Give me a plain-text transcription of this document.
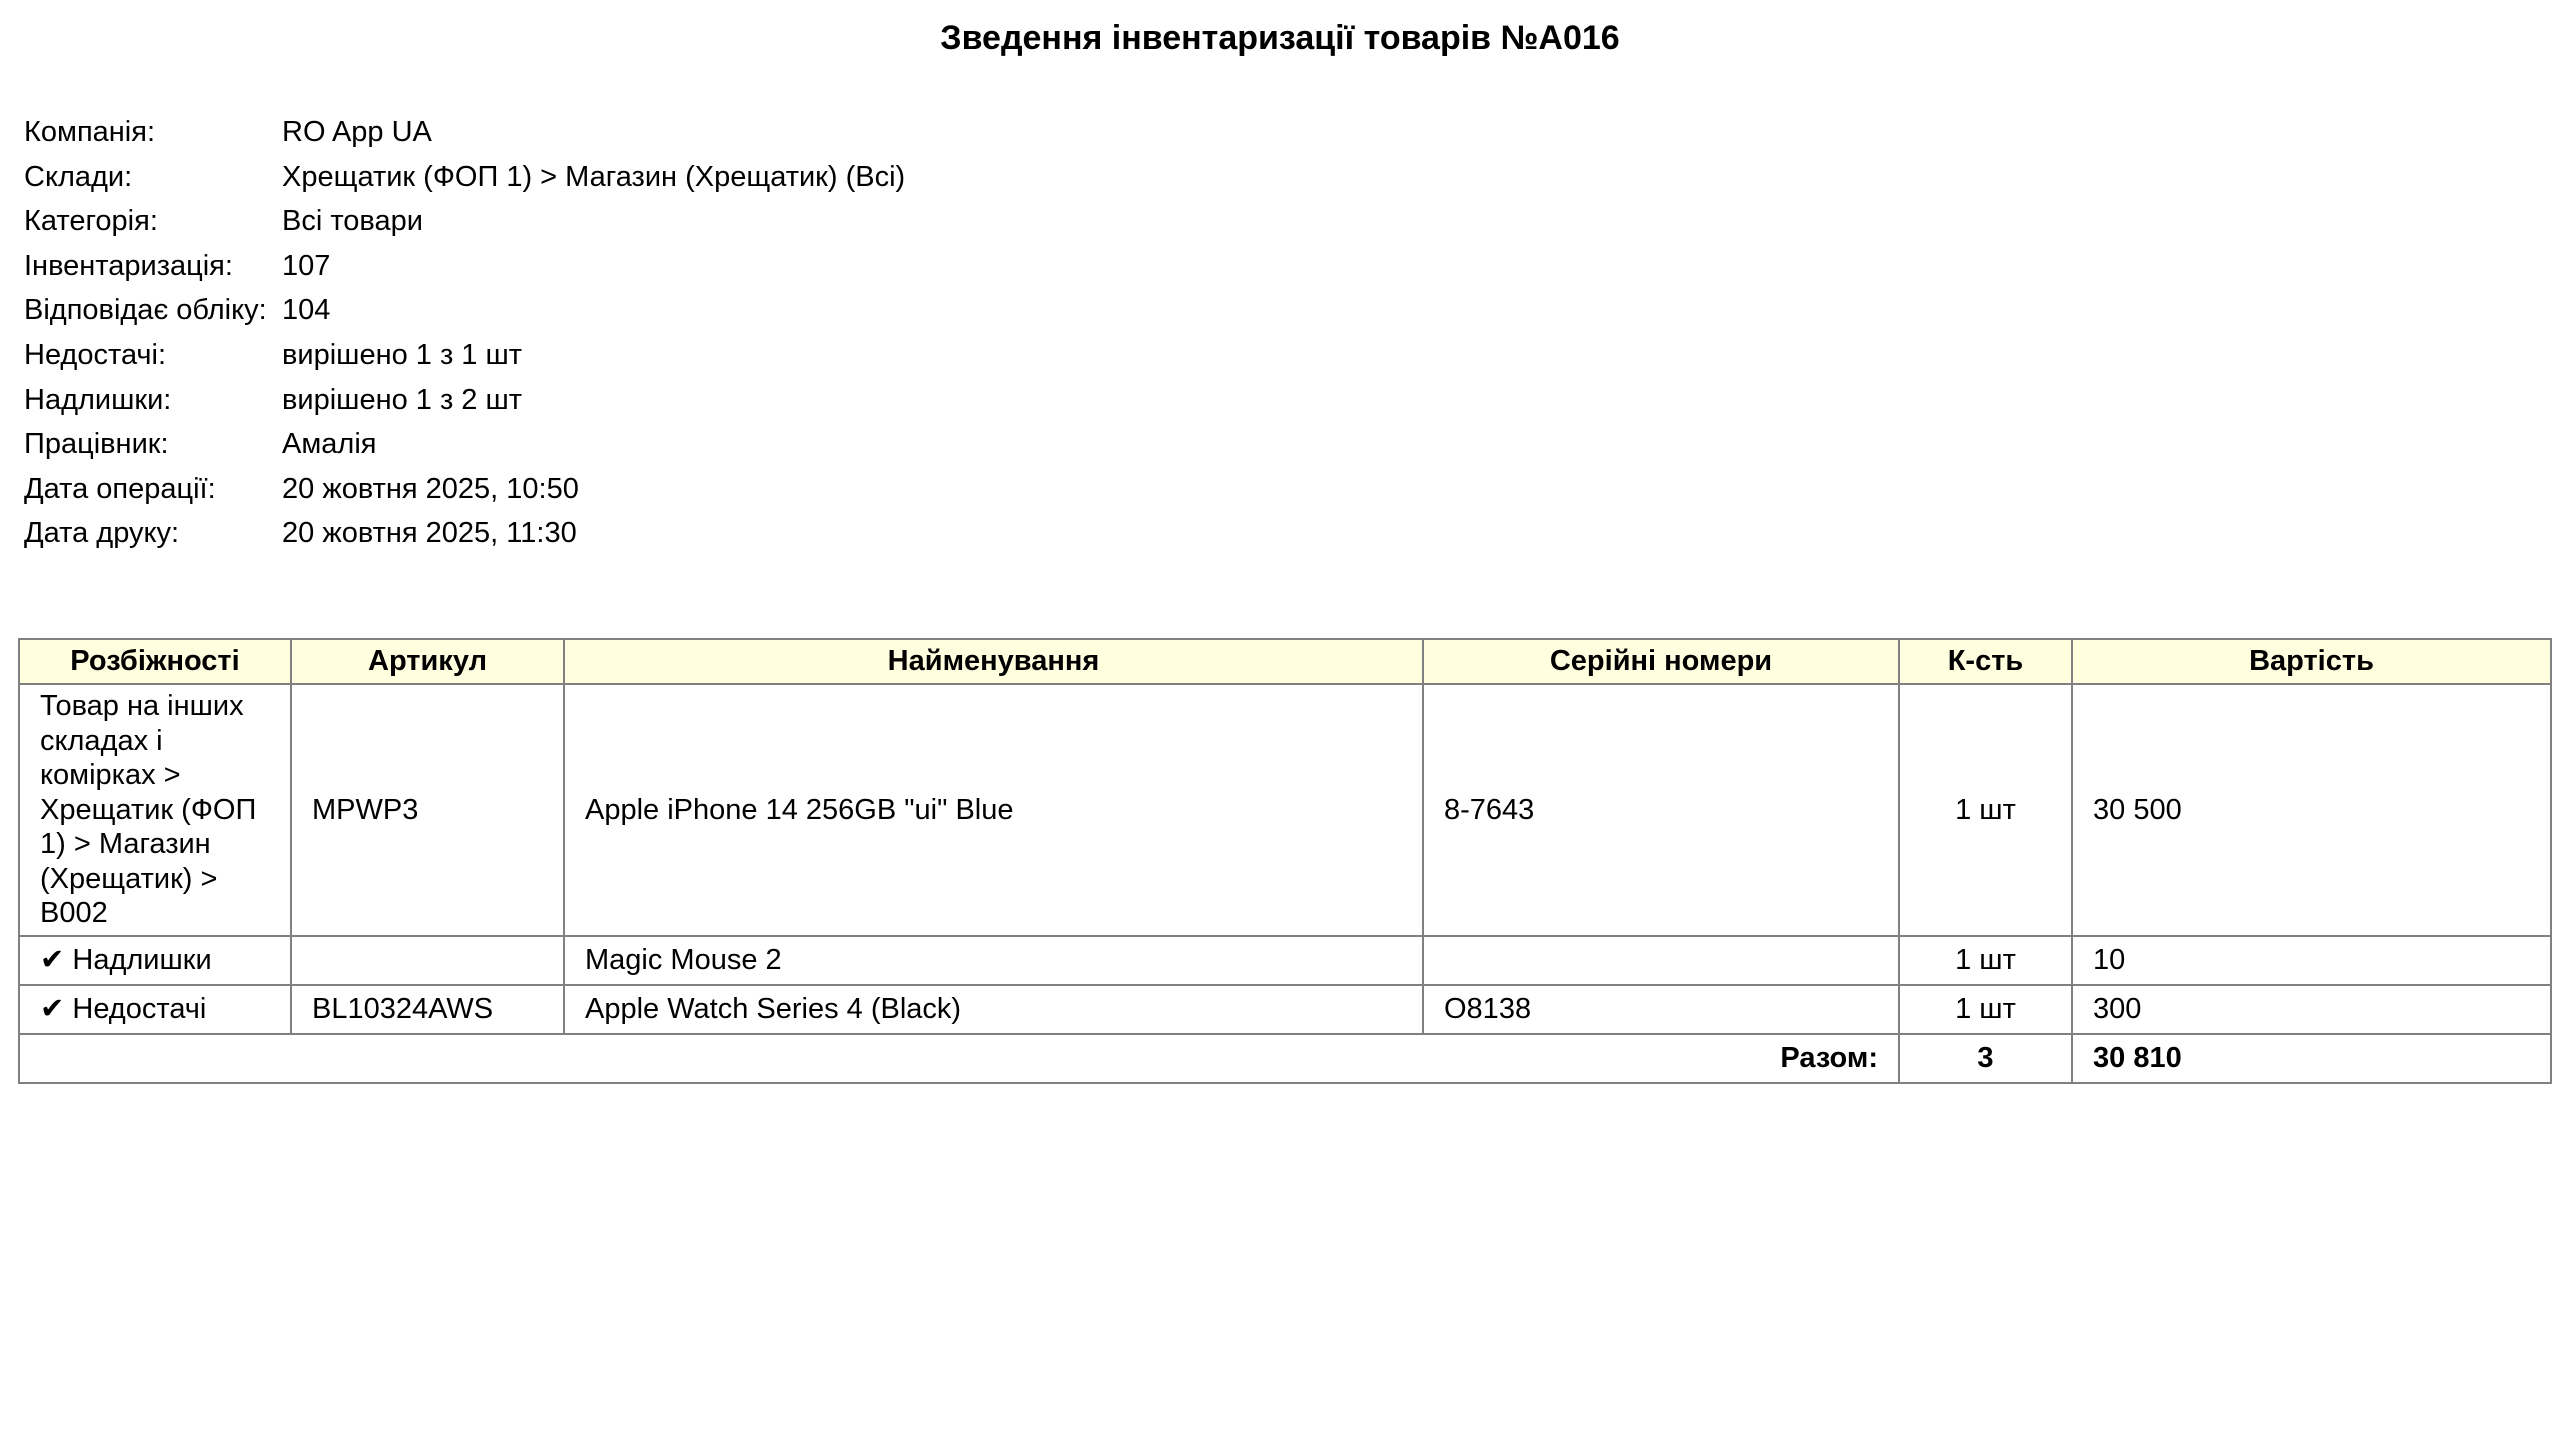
Зведення інвентаризації товарів №A016
Компанія:	RO App UA
Склади:	Хрещатик (ФОП 1) > Магазин (Хрещатик) (Всі)
Категорія:	Всі товари
Інвентаризація:	107
Відповідає обліку:	104
Недостачі:	вирішено 1 з 1 шт
Надлишки:	вирішено 1 з 2 шт
Працівник:	Амалія
Дата операції:	20 жовтня 2025, 10:50
Дата друку:	20 жовтня 2025, 11:30
Розбіжності	Артикул	Найменування	Серійні номери	К-сть	Вартість
Товар на інших складах і комірках > Хрещатик (ФОП 1) > Магазин (Хрещатик) > B002	MPWP3	Apple iPhone 14 256GB "ui" Blue	8-7643	1 шт	30 500
✔ Надлишки		Magic Mouse 2		1 шт	10
✔ Недостачі	BL10324AWS	Apple Watch Series 4 (Black)	O8138	1 шт	300
Разом:				3	30 810
